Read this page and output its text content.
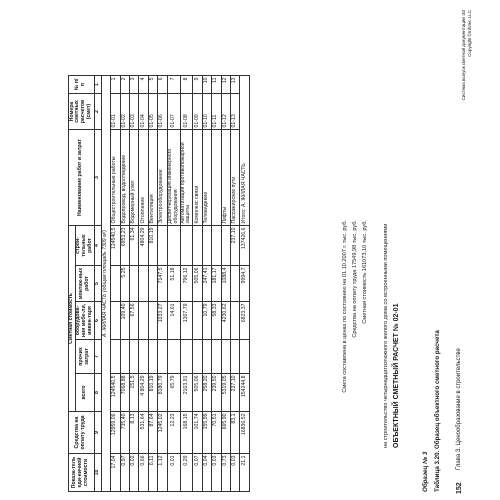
152
Глава 3. Ценообразование в строительстве
Система выпуск сметной документации ЭЗ Copyright ©Infotec LLC
Таблица 3.20. Образец объектного сметного расчета
Образец № 3
ОБЪЕКТНЫЙ СМЕТНЫЙ РАСЧЕТ № 02-01
на строительство четырнадцатиэтажного жилого дома со встроенными помещениями
Сметная стоимость 161073,10 тыс. руб.
Средства на оплату труда 17549,98 тыс. руб.
Смета составлена в ценах по состоянию на 01.10.2007 г. тыс. руб.
№ п/п	Номера сметных расчетов (смет)	Наименование работ и затрат	Сметная стоимость					Средства на оплату труда	Показа-тель еди-ничной стоимости
			строи-тельных работ	монтаж-ных работ	оборудова-ния мебе-ли, инвен-таря	прочих затрат	всего		
1	2	3	4	5	6	7	8	9	10
А. ЖИЛАЯ ЧАСТЬ (общая площадь 7309 м²)									
1	01-01	Общестроительные работы	124540,5				124540,5	12959,06	17,04
2	01-02	Водопровод, водоотведение	6953,23	5,25	109,40		7068,88	735,40	0,97
3	01-03	Водомерный узел	61,34		67,56		151,5	8,13	0,02
4	01-04	Отопление	4804,29				4 804,29	531,64	0,66
5	01-05	Вентиляция	810,19				810,19	87,64	0,11
6	01-06	Электрооборудование		7147,5	1033,27		8180,79	1245,02	1,12
7	01-07	Диспетчеризация инженерного оборудования		51,18	14,61		65,79	12,23	0,01
8	01-08	Автоматизация противопожарной защиты		796,12	1307,79		2103,91	168,15	0,29
9	01-09	Комплекс связи		505,06			505,06	101,74	0,07
10	01-10	Телевидение		247,41	10,79		258,20	155,99	0,04
11	01-11			181,17	58,33		239,50	70,51	0,03
12	01-12	Лифты		1088,4	4230,62		5319,05	665,90	0,73
13	01-13	Пассажирские пути	237,10				237,10	83,1	0,03
Итого: А. ЖИЛАЯ ЧАСТЬ			137426,6	9994,7	6823,37		154244,8	16836,52	21,1
